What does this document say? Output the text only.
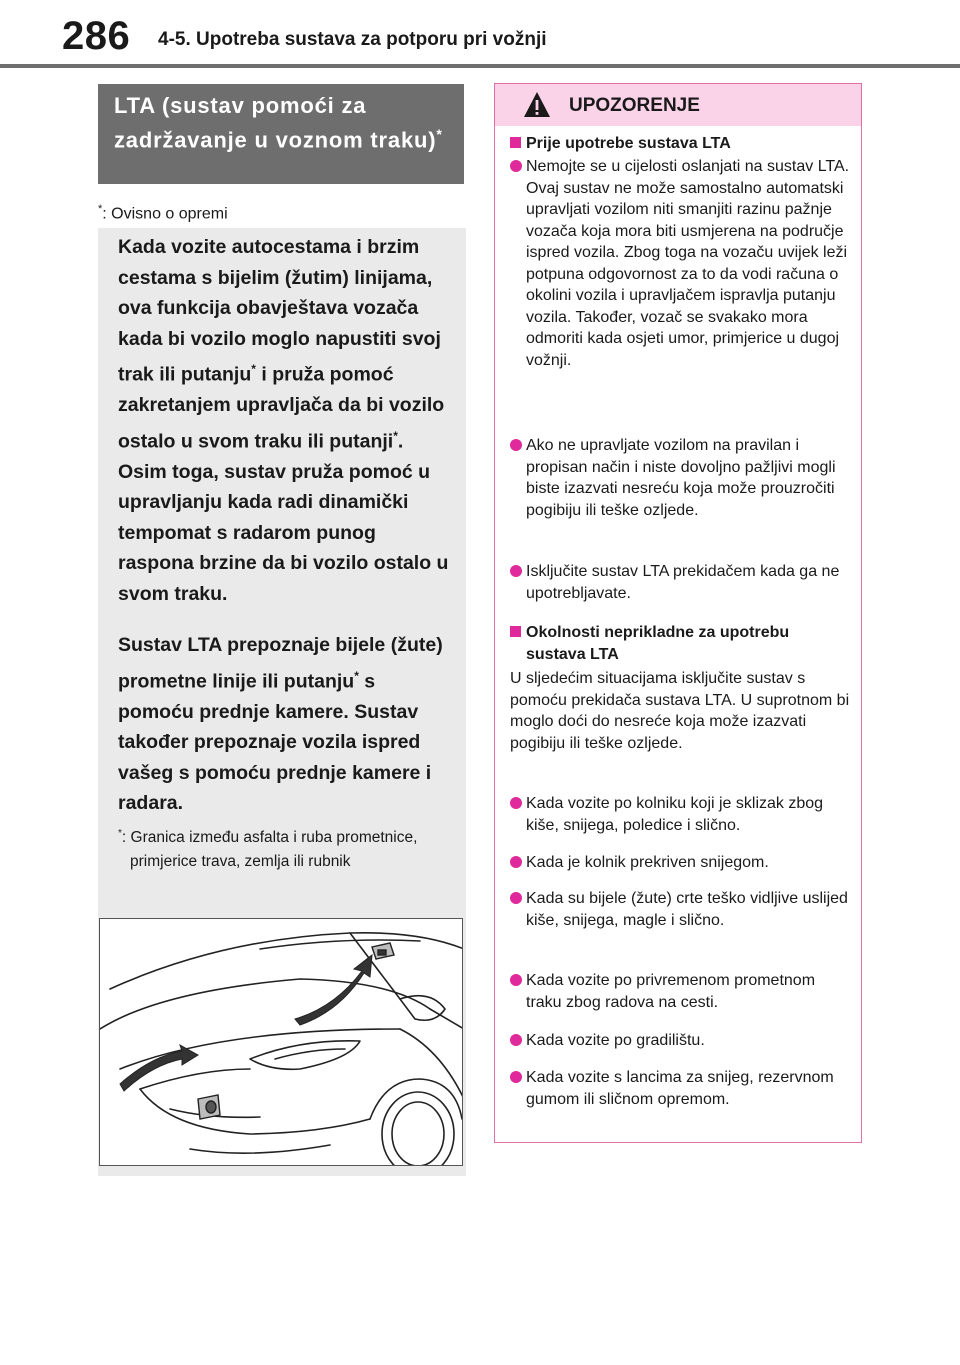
286 4-5. Upotreba sustava za potporu pri vožnji
LTA (sustav pomoći za zadržavanje u voznom traku)*
*: Ovisno o opremi
Kada vozite autocestama i brzim cestama s bijelim (žutim) linijama, ova funkcija obavještava vozača kada bi vozilo moglo napustiti svoj trak ili putanju* i pruža pomoć zakretanjem upravljača da bi vozilo ostalo u svom traku ili putanji*. Osim toga, sustav pruža pomoć u upravljanju kada radi dinamički tempomat s radarom punog raspona brzine da bi vozilo ostalo u svom traku.
Sustav LTA prepoznaje bijele (žute) prometne linije ili putanju* s pomoću prednje kamere. Sustav također prepoznaje vozila ispred vašeg s pomoću prednje kamere i radara.
*: Granica između asfalta i ruba prometnice, primjerice trava, zemlja ili rubnik
UPOZORENJE
Prije upotrebe sustava LTA
Nemojte se u cijelosti oslanjati na sustav LTA. Ovaj sustav ne može samostalno automatski upravljati vozilom niti smanjiti razinu pažnje vozača koja mora biti usmjerena na područje ispred vozila. Zbog toga na vozaču uvijek leži potpuna odgovornost za to da vodi računa o okolini vozila i upravljačem ispravlja putanju vozila. Također, vozač se svakako mora odmoriti kada osjeti umor, primjerice u dugoj vožnji.
Ako ne upravljate vozilom na pravilan i propisan način i niste dovoljno pažljivi mogli biste izazvati nesreću koja može prouzročiti pogibiju ili teške ozljede.
Isključite sustav LTA prekidačem kada ga ne upotrebljavate.
Okolnosti neprikladne za upotrebu sustava LTA
U sljedećim situacijama isključite sustav s pomoću prekidača sustava LTA. U suprotnom bi moglo doći do nesreće koja može izazvati pogibiju ili teške ozljede.
Kada vozite po kolniku koji je sklizak zbog kiše, snijega, poledice i slično.
Kada je kolnik prekriven snijegom.
Kada su bijele (žute) crte teško vidljive uslijed kiše, snijega, magle i slično.
Kada vozite po privremenom prometnom traku zbog radova na cesti.
Kada vozite po gradilištu.
Kada vozite s lancima za snijeg, rezervnom gumom ili sličnom opremom.
